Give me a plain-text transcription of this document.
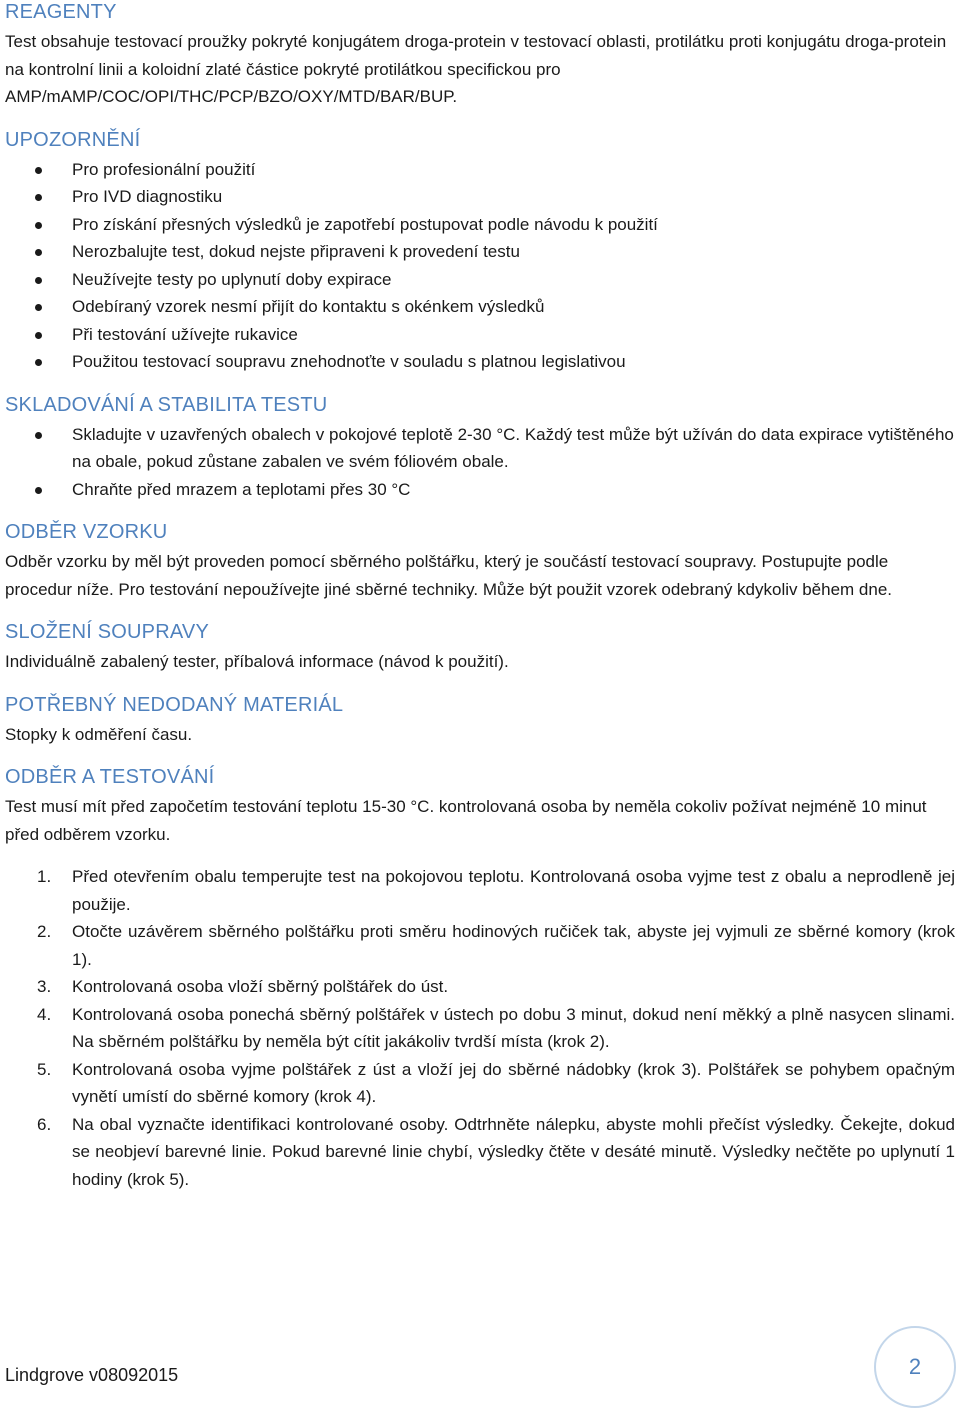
REAGENTY

Test obsahuje testovací proužky pokryté konjugátem droga-protein v testovací oblasti, protilátku proti konjugátu droga-protein na kontrolní linii a koloidní zlaté částice pokryté protilátkou specifickou pro AMP/mAMP/COC/OPI/THC/PCP/BZO/OXY/MTD/BAR/BUP.

UPOZORNĚNÍ
Pro profesionální použití
Pro IVD diagnostiku
Pro získání přesných výsledků je zapotřebí postupovat podle návodu k použití
Nerozbalujte test, dokud nejste připraveni k provedení testu
Neužívejte testy po uplynutí doby expirace
Odebíraný vzorek nesmí přijít do kontaktu s okénkem výsledků
Při testování užívejte rukavice
Použitou testovací soupravu znehodnoťte v souladu s platnou legislativou
SKLADOVÁNÍ A STABILITA TESTU
Skladujte v uzavřených obalech v pokojové teplotě 2-30 °C. Každý test může být užíván do data expirace vytištěného na obale, pokud zůstane zabalen ve svém fóliovém obale.
Chraňte před mrazem a teplotami přes 30 °C
ODBĚR VZORKU

Odběr vzorku by měl být proveden pomocí sběrného polštářku, který je součástí testovací soupravy. Postupujte podle procedur níže. Pro testování nepoužívejte jiné sběrné techniky. Může být použit vzorek odebraný kdykoliv během dne.

SLOŽENÍ SOUPRAVY

Individuálně zabalený tester, příbalová informace (návod k použití).

POTŘEBNÝ NEDODANÝ MATERIÁL

Stopky k odměření času.

ODBĚR A TESTOVÁNÍ

Test musí mít před započetím testování teplotu 15-30 °C. kontrolovaná osoba by neměla cokoliv požívat nejméně 10 minut před odběrem vzorku.

1. Před otevřením obalu temperujte test na pokojovou teplotu. Kontrolovaná osoba vyjme test z obalu a neprodleně jej použije.
2. Otočte uzávěrem sběrného polštářku proti směru hodinových ručiček tak, abyste jej vyjmuli ze sběrné komory (krok 1).
3. Kontrolovaná osoba vloží sběrný polštářek do úst.
4. Kontrolovaná osoba ponechá sběrný polštářek v ústech po dobu 3 minut, dokud není měkký a plně nasycen slinami. Na sběrném polštářku by neměla být cítit jakákoliv tvrdší místa (krok 2).
5. Kontrolovaná osoba vyjme polštářek z úst a vloží jej do sběrné nádobky (krok 3). Polštářek se pohybem opačným vynětí umístí do sběrné komory (krok 4).
6. Na obal vyznačte identifikaci kontrolované osoby. Odtrhněte nálepku, abyste mohli přečíst výsledky. Čekejte, dokud se neobjeví barevné linie. Pokud barevné linie chybí, výsledky čtěte v desáté minutě. Výsledky nečtěte po uplynutí 1 hodiny (krok 5).
Lindgrove v08092015	2
